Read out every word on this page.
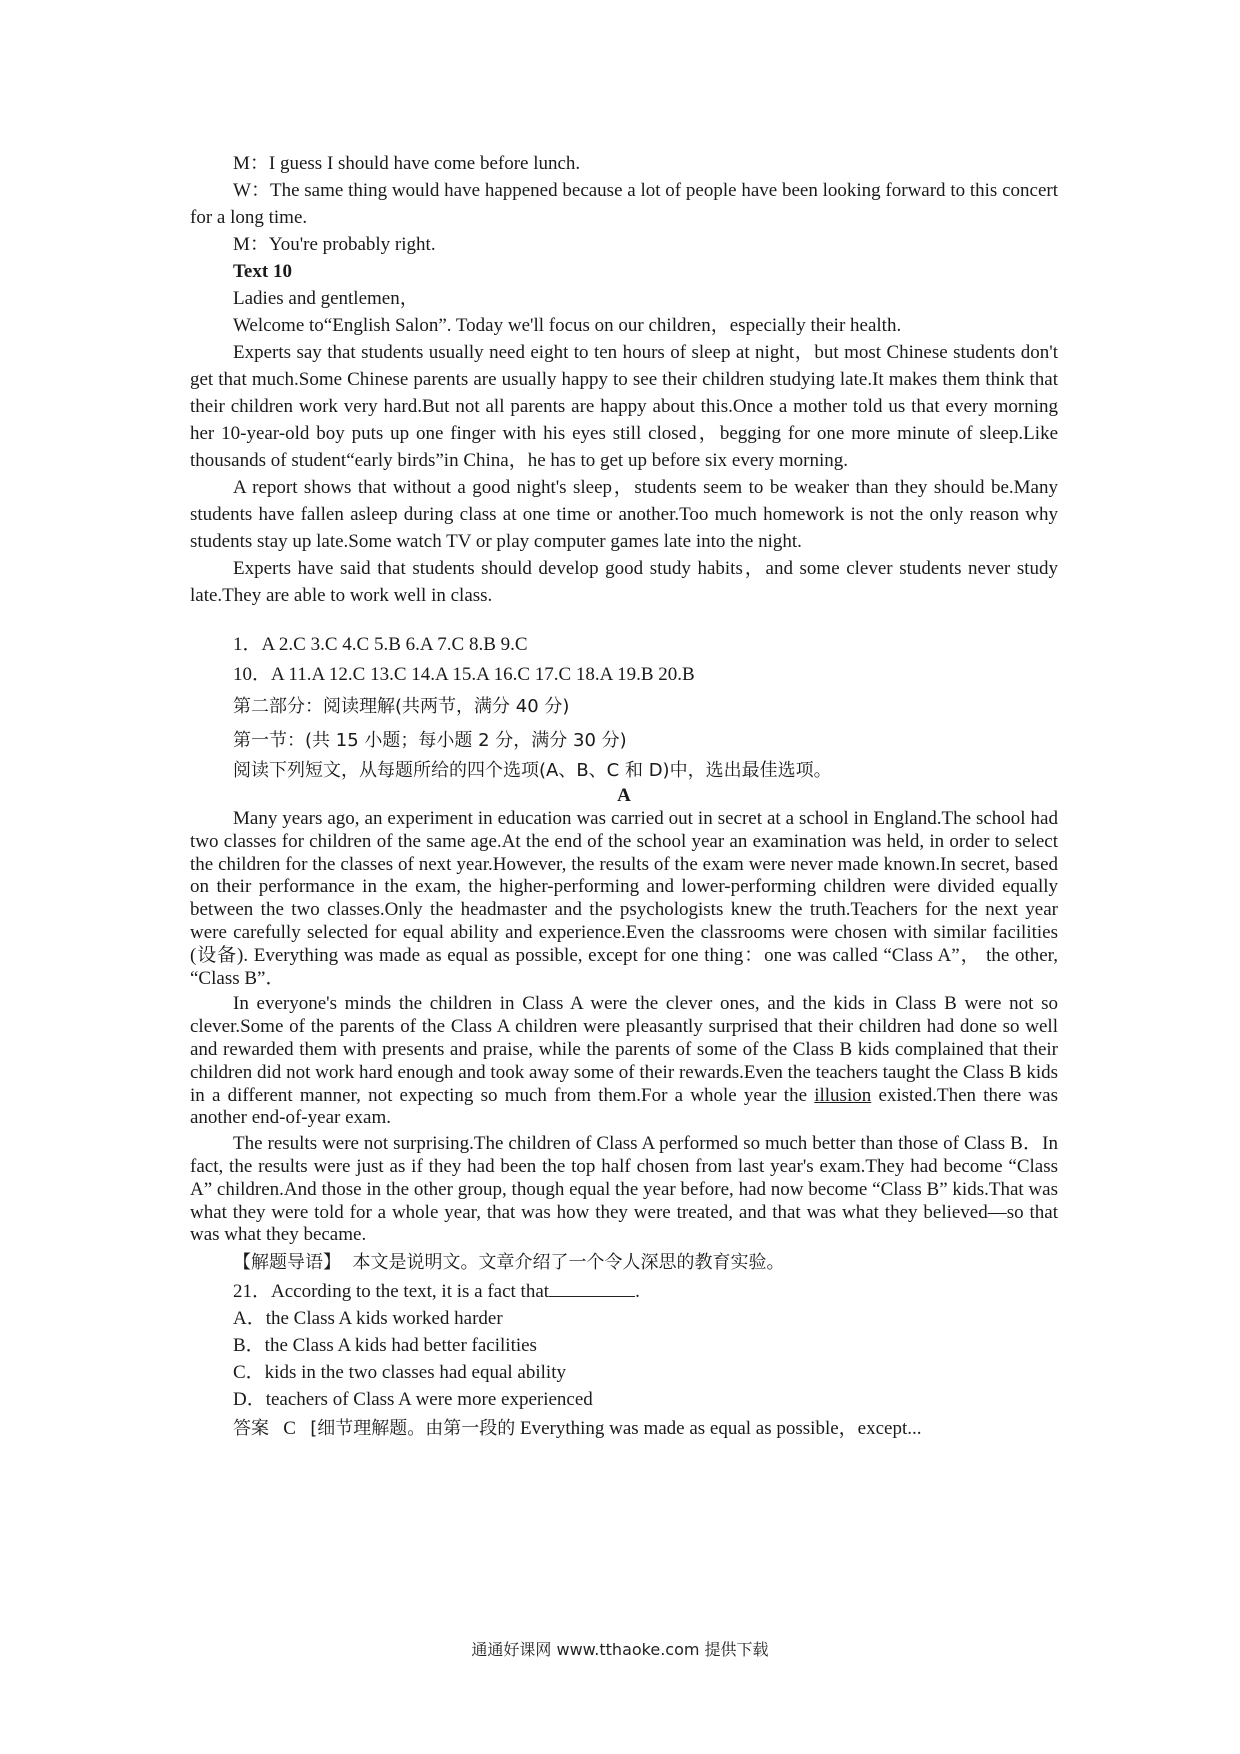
M：I guess I should have come before lunch.

W：The same thing would have happened because a lot of people have been looking forward to this concert for a long time.

M：You're probably right.

Text 10

Ladies and gentlemen，

Welcome to“English Salon”. Today we'll focus on our children，especially their health.

Experts say that students usually need eight to ten hours of sleep at night，but most Chinese students don't get that much.Some Chinese parents are usually happy to see their children studying late.It makes them think that their children work very hard.But not all parents are happy about this.Once a mother told us that every morning her 10-year-old boy puts up one finger with his eyes still closed，begging for one more minute of sleep.Like thousands of student“early birds”in China，he has to get up before six every morning.

A report shows that without a good night's sleep，students seem to be weaker than they should be.Many students have fallen asleep during class at one time or another.Too much homework is not the only reason why students stay up late.Some watch TV or play computer games late into the night.

Experts have said that students should develop good study habits，and some clever students never study late.They are able to work well in class.

1．A 2.C 3.C 4.C 5.B 6.A 7.C 8.B 9.C

10．A 11.A 12.C 13.C 14.A 15.A 16.C 17.C 18.A 19.B 20.B

第二部分：阅读理解(共两节，满分 40 分)

第一节：(共 15 小题；每小题 2 分，满分 30 分)

阅读下列短文，从每题所给的四个选项(A、B、C 和 D)中，选出最佳选项。

A

Many years ago, an experiment in education was carried out in secret at a school in England.The school had two classes for children of the same age.At the end of the school year an examination was held, in order to select the children for the classes of next year.However, the results of the exam were never made known.In secret, based on their performance in the exam, the higher-performing and lower-performing children were divided equally between the two classes.Only the headmaster and the psychologists knew the truth.Teachers for the next year were carefully selected for equal ability and experience.Even the classrooms were chosen with similar facilities (设备). Everything was made as equal as possible, except for one thing：one was called “Class A”， the other, “Class B”．

In everyone's minds the children in Class A were the clever ones, and the kids in Class B were not so clever.Some of the parents of the Class A children were pleasantly surprised that their children had done so well and rewarded them with presents and praise, while the parents of some of the Class B kids complained that their children did not work hard enough and took away some of their rewards.Even the teachers taught the Class B kids in a different manner, not expecting so much from them.For a whole year the illusion existed.Then there was another end-of-year exam.

The results were not surprising.The children of Class A performed so much better than those of Class B．In fact, the results were just as if they had been the top half chosen from last year's exam.They had become “Class A” children.And those in the other group, though equal the year before, had now become “Class B” kids.That was what they were told for a whole year, that was how they were treated, and that was what they believed—so that was what they became.

【解题导语】 本文是说明文。文章介绍了一个令人深思的教育实验。

21．According to the text, it is a fact that	.

A．the Class A kids worked harder

B．the Class A kids had better facilities

C．kids in the two classes had equal ability

D．teachers of Class A were more experienced

答案 C [细节理解题。由第一段的 Everything was made as equal as possible，except...

通通好课网 www.tthaoke.com 提供下载
